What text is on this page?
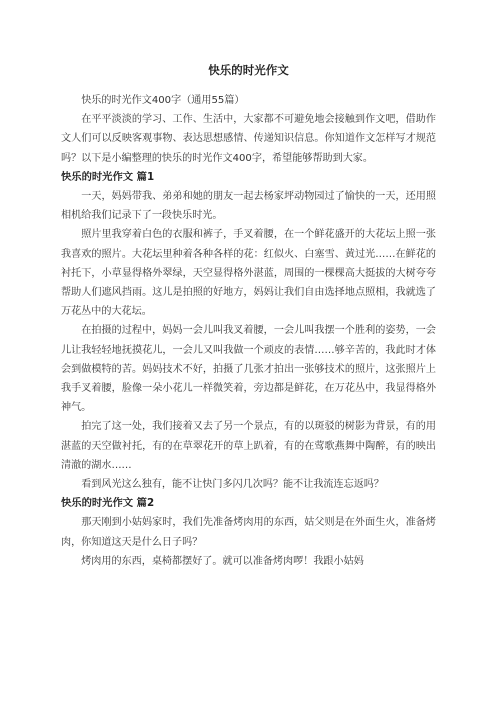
快乐的时光作文

快乐的时光作文400字（通用55篇）

在平平淡淡的学习、工作、生活中，大家都不可避免地会接触到作文吧，借助作文人们可以反映客观事物、表达思想感情、传递知识信息。你知道作文怎样写才规范吗？以下是小编整理的快乐的时光作文400字，希望能够帮助到大家。

快乐的时光作文 篇1

一天，妈妈带我、弟弟和她的朋友一起去杨家坪动物园过了愉快的一天，还用照相机给我们记录下了一段快乐时光。

照片里我穿着白色的衣服和裤子，手叉着腰，在一个鲜花盛开的大花坛上照一张我喜欢的照片。大花坛里种着各种各样的花：红似火、白塞雪、黄过光……在鲜花的衬托下，小草显得格外翠绿，天空显得格外湛蓝，周围的一棵棵高大挺拔的大树夸夸帮助人们遮风挡雨。这儿是拍照的好地方，妈妈让我们自由选择地点照相，我就选了万花丛中的大花坛。

在拍摄的过程中，妈妈一会儿叫我叉着腰，一会儿叫我摆一个胜利的姿势，一会儿让我轻轻地抚摸花儿，一会儿又叫我做一个顽皮的表情……够辛苦的，我此时才体会到做模特的苦。妈妈技术不好，拍摄了几张才拍出一张够技术的照片，这张照片上我手叉着腰，脸像一朵小花儿一样微笑着，旁边都是鲜花，在万花丛中，我显得格外神气。

拍完了这一处，我们接着又去了另一个景点，有的以斑驳的树影为背景，有的用湛蓝的天空做衬托，有的在草翠花开的草上趴着，有的在莺歌燕舞中陶醉，有的映出清澈的湖水……

看到风光这么独有，能不让快门多闪几次吗？能不让我流连忘返吗？

快乐的时光作文 篇2

那天刚到小姑妈家时，我们先准备烤肉用的东西，姑父则是在外面生火，准备烤肉，你知道这天是什么日子吗？

烤肉用的东西，桌椅都摆好了。就可以准备烤肉啰！我跟小姑妈
